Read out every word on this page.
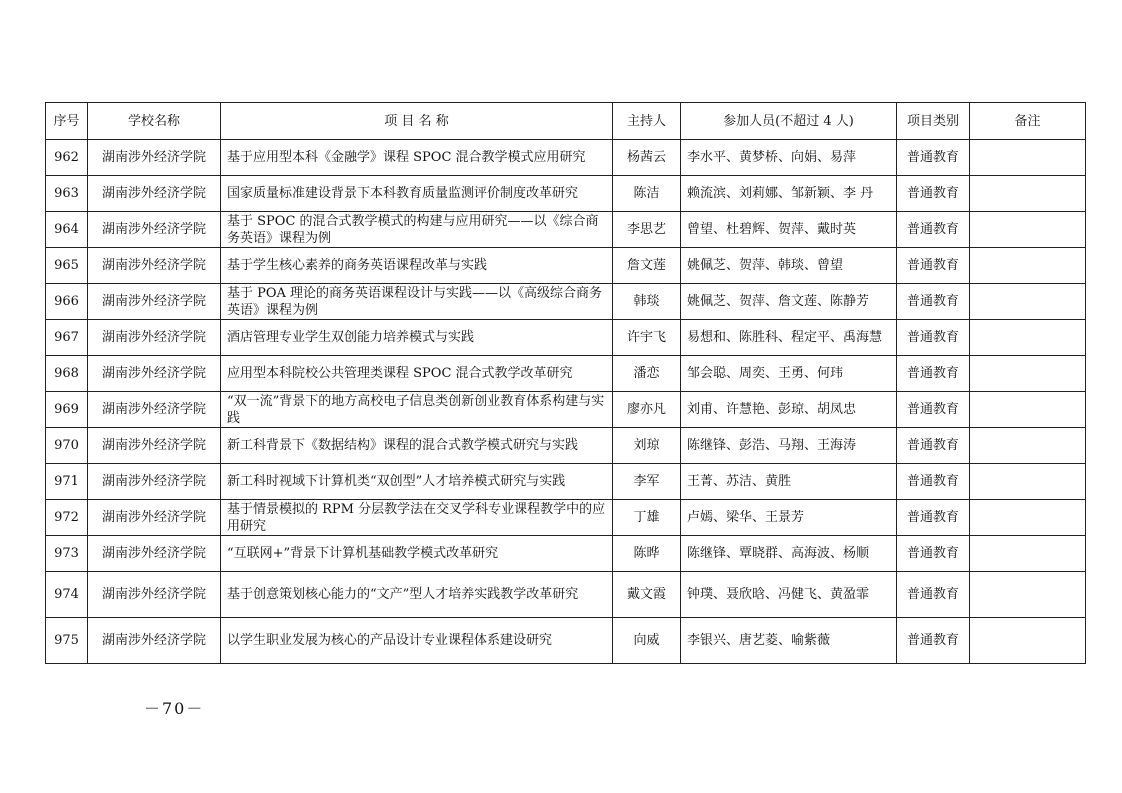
序号	学校名称	项 目 名 称	主持人	参加人员(不超过 4 人)	项目类别	备注
962	湖南涉外经济学院	基于应用型本科《金融学》课程 SPOC 混合教学模式应用研究	杨茜云	李水平、黄梦桥、向娟、易萍	普通教育	
963	湖南涉外经济学院	国家质量标准建设背景下本科教育质量监测评价制度改革研究	陈洁	赖流滨、刘莉娜、邹新颖、李 丹	普通教育	
964	湖南涉外经济学院	基于 SPOC 的混合式教学模式的构建与应用研究——以《综合商务英语》课程为例	李思艺	曾望、杜碧辉、贺萍、戴时英	普通教育	
965	湖南涉外经济学院	基于学生核心素养的商务英语课程改革与实践	詹文莲	姚佩芝、贺萍、韩琰、曾望	普通教育	
966	湖南涉外经济学院	基于 POA 理论的商务英语课程设计与实践——以《高级综合商务英语》课程为例	韩琰	姚佩芝、贺萍、詹文莲、陈静芳	普通教育	
967	湖南涉外经济学院	酒店管理专业学生双创能力培养模式与实践	许宇飞	易想和、陈胜科、程定平、禹海慧	普通教育	
968	湖南涉外经济学院	应用型本科院校公共管理类课程 SPOC 混合式教学改革研究	潘恋	邹会聪、周奕、王勇、何玮	普通教育	
969	湖南涉外经济学院	“双一流”背景下的地方高校电子信息类创新创业教育体系构建与实践	廖亦凡	刘甫、许慧艳、彭琼、胡凤忠	普通教育	
970	湖南涉外经济学院	新工科背景下《数据结构》课程的混合式教学模式研究与实践	刘琼	陈继锋、彭浩、马翔、王海涛	普通教育	
971	湖南涉外经济学院	新工科时视域下计算机类“双创型”人才培养模式研究与实践	李军	王菁、苏洁、黄胜	普通教育	
972	湖南涉外经济学院	基于情景模拟的 RPM 分层教学法在交叉学科专业课程教学中的应用研究	丁雄	卢嫣、梁华、王景芳	普通教育	
973	湖南涉外经济学院	“互联网+”背景下计算机基础教学模式改革研究	陈晔	陈继锋、覃晓群、高海波、杨顺	普通教育	
974	湖南涉外经济学院	基于创意策划核心能力的“文产”型人才培养实践教学改革研究	戴文霞	钟璞、聂欣晗、冯健飞、黄盈霏	普通教育	
975	湖南涉外经济学院	以学生职业发展为核心的产品设计专业课程体系建设研究	向威	李银兴、唐艺菱、喻紫薇	普通教育	
－70－
